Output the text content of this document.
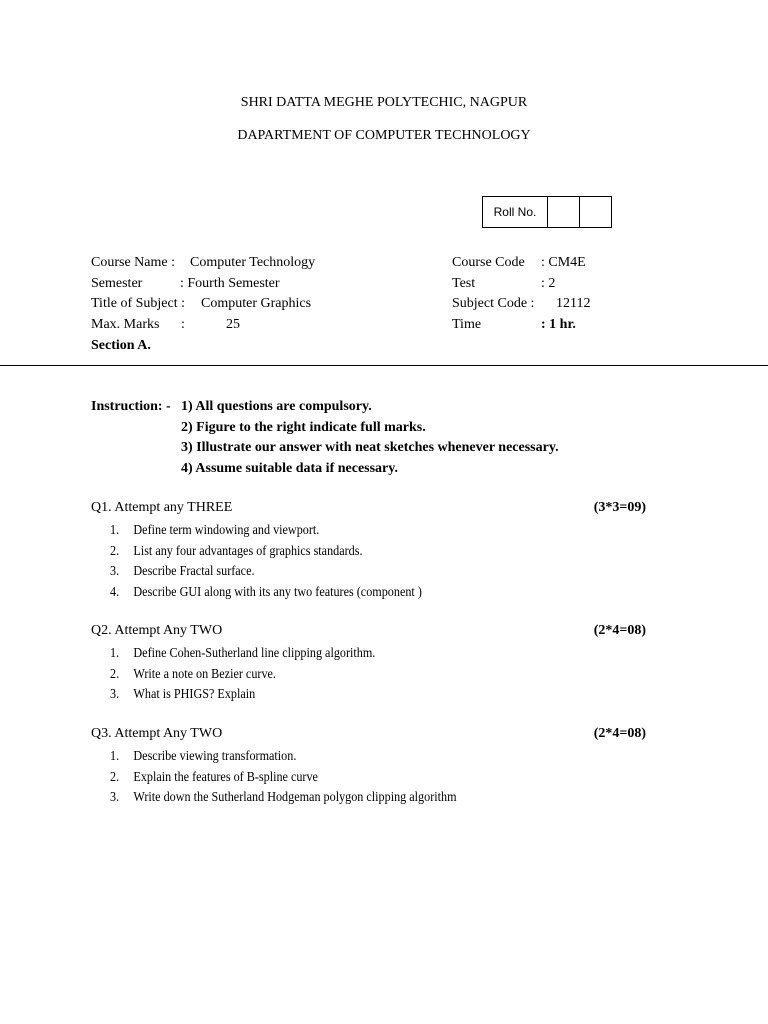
SHRI DATTA MEGHE POLYTECHIC, NAGPUR
DAPARTMENT OF COMPUTER TECHNOLOGY
Roll No.
Course Name : Computer Technology
Semester	: Fourth Semester
Title of Subject : Computer Graphics
Max. Marks :	25
Section A.
Course Code : CM4E
Test	: 2
Subject Code : 12112
Time	: 1 hr.
Instruction: - 1) All questions are compulsory.
2) Figure to the right indicate full marks.
3) Illustrate our answer with neat sketches whenever necessary.
4) Assume suitable data if necessary.
Q1. Attempt any THREE	(3*3=09)
1. Define term windowing and viewport.
2. List any four advantages of graphics standards.
3. Describe Fractal surface.
4. Describe GUI along with its any two features (component )
Q2. Attempt Any TWO	(2*4=08)
1. Define Cohen-Sutherland line clipping algorithm.
2. Write a note on Bezier curve.
3. What is PHIGS? Explain
Q3. Attempt Any TWO	(2*4=08)
1. Describe viewing transformation.
2. Explain the features of B-spline curve
3. Write down the Sutherland Hodgeman polygon clipping algorithm
